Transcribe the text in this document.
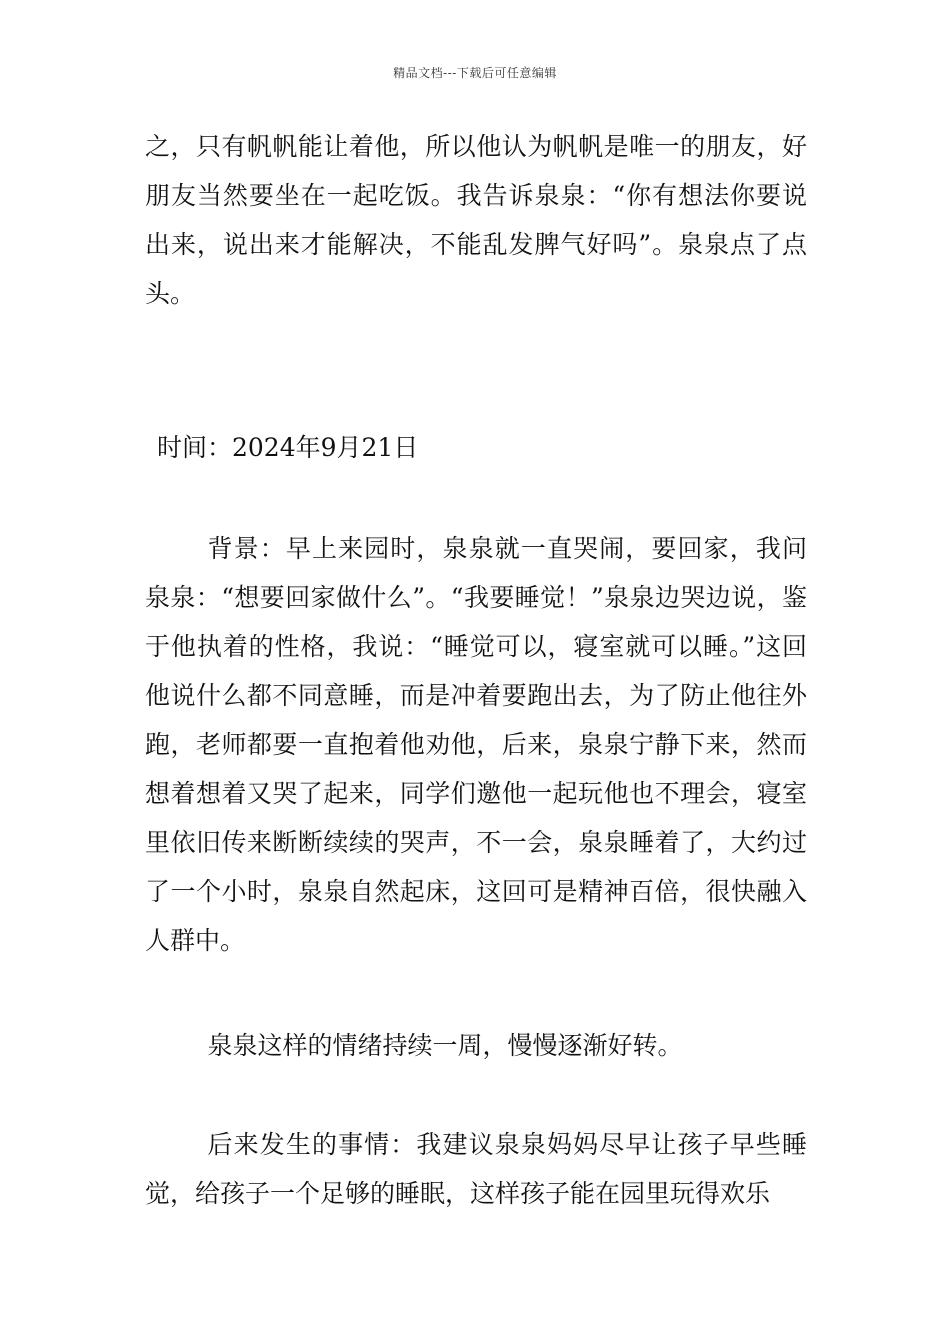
精品文档---下载后可任意编辑

之，只有帆帆能让着他，所以他认为帆帆是唯一的朋友，好朋友当然要坐在一起吃饭。我告诉泉泉：“你有想法你要说出来，说出来才能解决，不能乱发脾气好吗”。泉泉点了点头。

时间：2024年9月21日

背景：早上来园时，泉泉就一直哭闹，要回家，我问泉泉：“想要回家做什么”。“我要睡觉！”泉泉边哭边说，鉴于他执着的性格，我说：“睡觉可以，寝室就可以睡。”这回他说什么都不同意睡，而是冲着要跑出去，为了防止他往外跑，老师都要一直抱着他劝他，后来，泉泉宁静下来，然而想着想着又哭了起来，同学们邀他一起玩他也不理会，寝室里依旧传来断断续续的哭声，不一会，泉泉睡着了，大约过了一个小时，泉泉自然起床，这回可是精神百倍，很快融入人群中。

泉泉这样的情绪持续一周，慢慢逐渐好转。

后来发生的事情：我建议泉泉妈妈尽早让孩子早些睡觉，给孩子一个足够的睡眠，这样孩子能在园里玩得欢乐
